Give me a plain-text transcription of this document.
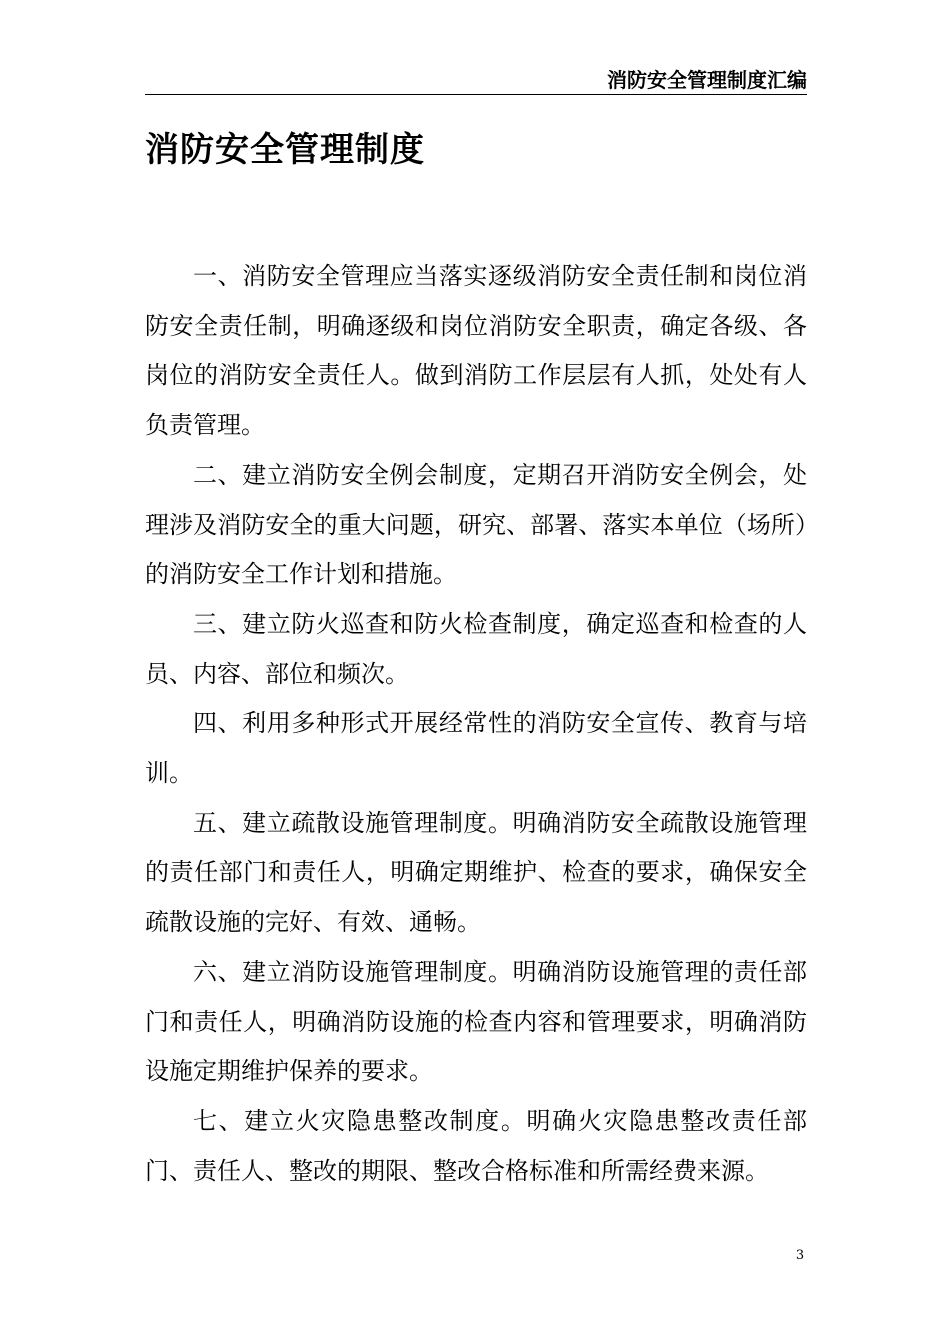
消防安全管理制度汇编
消防安全管理制度

一、消防安全管理应当落实逐级消防安全责任制和岗位消防安全责任制，明确逐级和岗位消防安全职责，确定各级、各岗位的消防安全责任人。做到消防工作层层有人抓，处处有人负责管理。

二、建立消防安全例会制度，定期召开消防安全例会，处理涉及消防安全的重大问题，研究、部署、落实本单位（场所）的消防安全工作计划和措施。

三、建立防火巡查和防火检查制度，确定巡查和检查的人员、内容、部位和频次。

四、利用多种形式开展经常性的消防安全宣传、教育与培训。

五、建立疏散设施管理制度。明确消防安全疏散设施管理的责任部门和责任人，明确定期维护、检查的要求，确保安全疏散设施的完好、有效、通畅。

六、建立消防设施管理制度。明确消防设施管理的责任部门和责任人，明确消防设施的检查内容和管理要求，明确消防设施定期维护保养的要求。

七、建立火灾隐患整改制度。明确火灾隐患整改责任部门、责任人、整改的期限、整改合格标准和所需经费来源。

3
